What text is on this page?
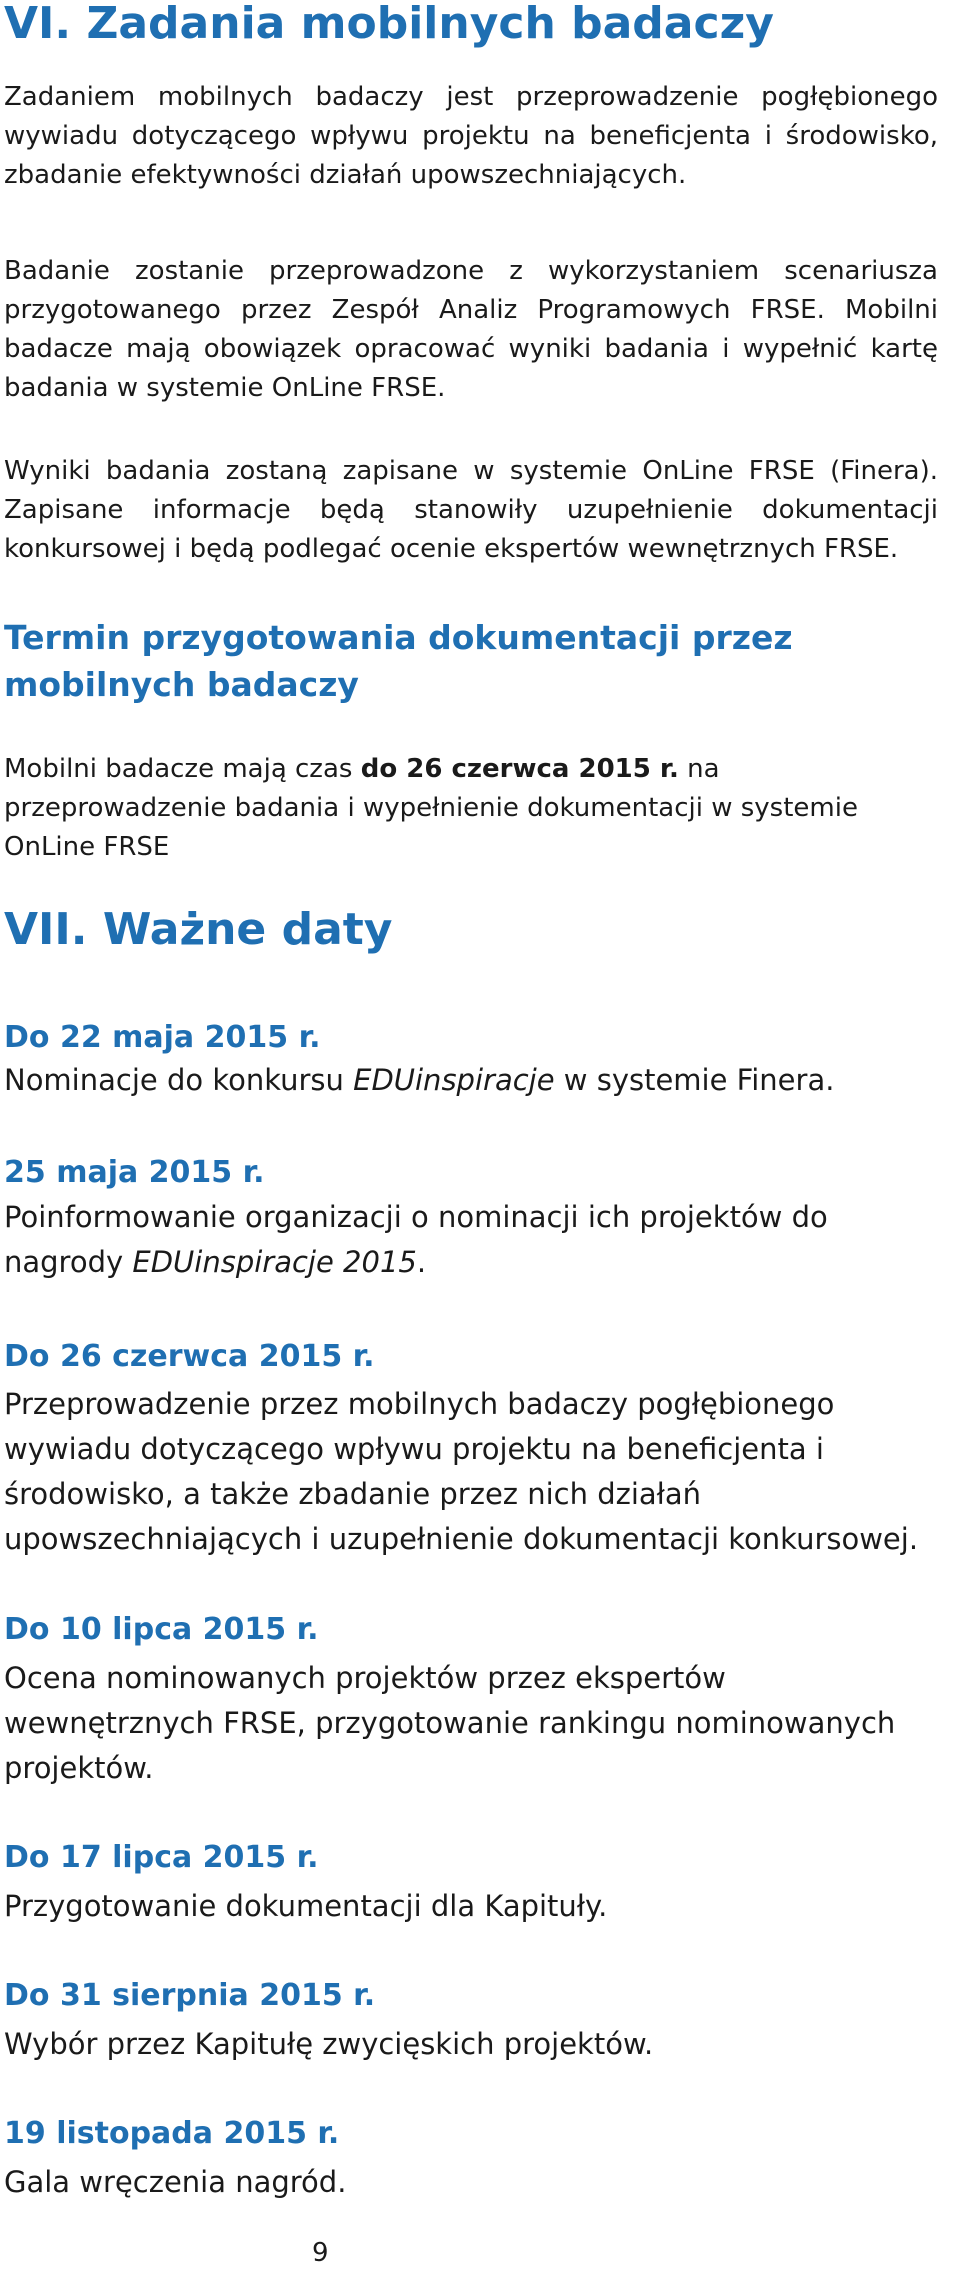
VI. Zadania mobilnych badaczy

Zadaniem mobilnych badaczy jest przeprowadzenie pogłębionego wywiadu dotyczącego wpływu projektu na beneficjenta i środowisko, zbadanie efektywności działań upowszechniających.

Badanie zostanie przeprowadzone z wykorzystaniem scenariusza przygotowanego przez Zespół Analiz Programowych FRSE. Mobilni badacze mają obowiązek opracować wyniki badania i wypełnić kartę badania w systemie OnLine FRSE.

Wyniki badania zostaną zapisane w systemie OnLine FRSE (Finera). Zapisane informacje będą stanowiły uzupełnienie dokumentacji konkursowej i będą podlegać ocenie ekspertów wewnętrznych FRSE.

Termin przygotowania dokumentacji przez mobilnych badaczy

Mobilni badacze mają czas do 26 czerwca 2015 r. na przeprowadzenie badania i wypełnienie dokumentacji w systemie OnLine FRSE

VII. Ważne daty
Do 22 maja 2015 r.
Nominacje do konkursu EDUinspiracje w systemie Finera.
25 maja 2015 r.
Poinformowanie organizacji o nominacji ich projektów do nagrody EDUinspiracje 2015.
Do 26 czerwca 2015 r.
Przeprowadzenie przez mobilnych badaczy pogłębionego wywiadu dotyczącego wpływu projektu na beneficjenta i środowisko, a także zbadanie przez nich działań upowszechniających i uzupełnienie dokumentacji konkursowej.
Do 10 lipca 2015 r.
Ocena nominowanych projektów przez ekspertów wewnętrznych FRSE, przygotowanie rankingu nominowanych projektów.
Do 17 lipca 2015 r.
Przygotowanie dokumentacji dla Kapituły.
Do 31 sierpnia 2015 r.
Wybór przez Kapitułę zwycięskich projektów.
19 listopada 2015 r.
Gala wręczenia nagród.
9
